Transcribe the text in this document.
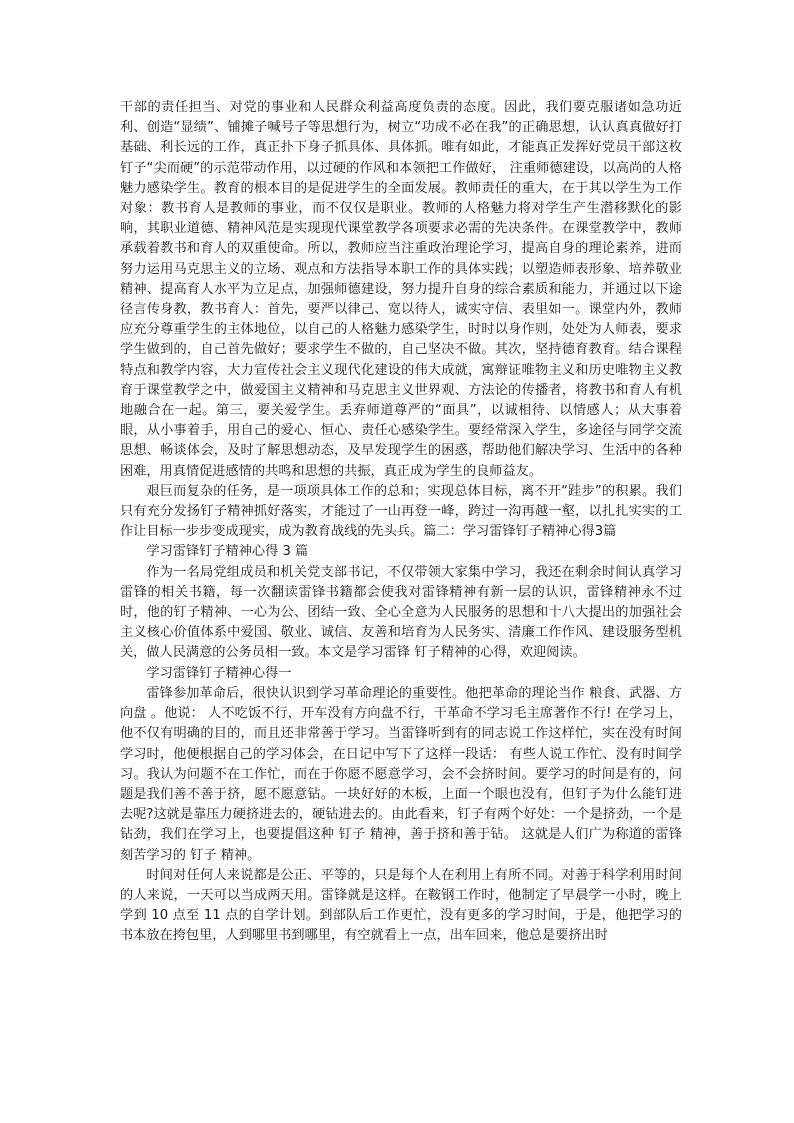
干部的责任担当、对党的事业和人民群众利益高度负责的态度。因此，我们要克服诸如急功近利、创造“显绩”、铺摊子喊号子等思想行为，树立“功成不必在我”的正确思想，认认真真做好打基础、利长远的工作，真正扑下身子抓具体、具体抓。唯有如此，才能真正发挥好党员干部这枚钉子“尖而硬”的示范带动作用，以过硬的作风和本领把工作做好， 注重师德建设，以高尚的人格魅力感染学生。教育的根本目的是促进学生的全面发展。教师责任的重大，在于其以学生为工作对象：教书育人是教师的事业，而不仅仅是职业。教师的人格魅力将对学生产生潜移默化的影响，其职业道德、精神风范是实现现代课堂教学各项要求必需的先决条件。在课堂教学中，教师承载着教书和育人的双重使命。所以，教师应当注重政治理论学习，提高自身的理论素养，进而努力运用马克思主义的立场、观点和方法指导本职工作的具体实践；以塑造师表形象、培养敬业精神、提高育人水平为立足点，加强师德建设，努力提升自身的综合素质和能力，并通过以下途径言传身教，教书育人：首先，要严以律己、宽以待人，诚实守信、表里如一。课堂内外，教师应充分尊重学生的主体地位，以自己的人格魅力感染学生，时时以身作则，处处为人师表，要求学生做到的，自己首先做好；要求学生不做的，自己坚决不做。其次，坚持德育教育。结合课程特点和教学内容，大力宣传社会主义现代化建设的伟大成就，寓辩证唯物主义和历史唯物主义教育于课堂教学之中，做爱国主义精神和马克思主义世界观、方法论的传播者，将教书和育人有机地融合在一起。第三，要关爱学生。丢弃师道尊严的“面具”，以诚相待、以情感人；从大事着眼，从小事着手，用自己的爱心、恒心、责任心感染学生。要经常深入学生，多途径与同学交流思想、畅谈体会，及时了解思想动态，及早发现学生的困惑，帮助他们解决学习、生活中的各种困难，用真情促进感情的共鸣和思想的共振，真正成为学生的良师益友。

艰巨而复杂的任务，是一项项具体工作的总和；实现总体目标，离不开“跬步”的积累。我们只有充分发扬钉子精神抓好落实，才能过了一山再登一峰，跨过一沟再越一壑，以扎扎实实的工作让目标一步步变成现实，成为教育战线的先头兵。篇二：学习雷锋钉子精神心得3篇

学习雷锋钉子精神心得 3 篇

作为一名局党组成员和机关党支部书记，不仅带领大家集中学习，我还在剩余时间认真学习雷锋的相关书籍，每一次翻读雷锋书籍都会使我对雷锋精神有新一层的认识，雷锋精神永不过时，他的钉子精神、一心为公、团结一致、全心全意为人民服务的思想和十八大提出的加强社会主义核心价值体系中爱国、敬业、诚信、友善和培育为人民务实、清廉工作作风、建设服务型机关，做人民满意的公务员相一致。本文是学习雷锋 钉子精神的心得，欢迎阅读。

学习雷锋钉子精神心得一

雷锋参加革命后，很快认识到学习革命理论的重要性。他把革命的理论当作 粮食、武器、方向盘 。他说： 人不吃饭不行，开车没有方向盘不行，干革命不学习毛主席著作不行! 在学习上，他不仅有明确的目的，而且还非常善于学习。当雷锋听到有的同志说工作这样忙，实在没有时间学习时，他便根据自己的学习体会，在日记中写下了这样一段话： 有些人说工作忙、没有时间学习。我认为问题不在工作忙，而在于你愿不愿意学习，会不会挤时间。要学习的时间是有的，问题是我们善不善于挤，愿不愿意钻。一块好好的木板，上面一个眼也没有，但钉子为什么能钉进去呢?这就是靠压力硬挤进去的，硬钻进去的。由此看来，钉子有两个好处：一个是挤劲，一个是钻劲，我们在学习上，也要提倡这种 钉子 精神，善于挤和善于钻。 这就是人们广为称道的雷锋刻苦学习的 钉子 精神。

时间对任何人来说都是公正、平等的，只是每个人在利用上有所不同。对善于科学利用时间的人来说，一天可以当成两天用。雷锋就是这样。在鞍钢工作时，他制定了早晨学一小时，晚上学到 10 点至 11 点的自学计划。到部队后工作更忙，没有更多的学习时间，于是，他把学习的书本放在挎包里，人到哪里书到哪里，有空就看上一点，出车回来，他总是要挤出时
